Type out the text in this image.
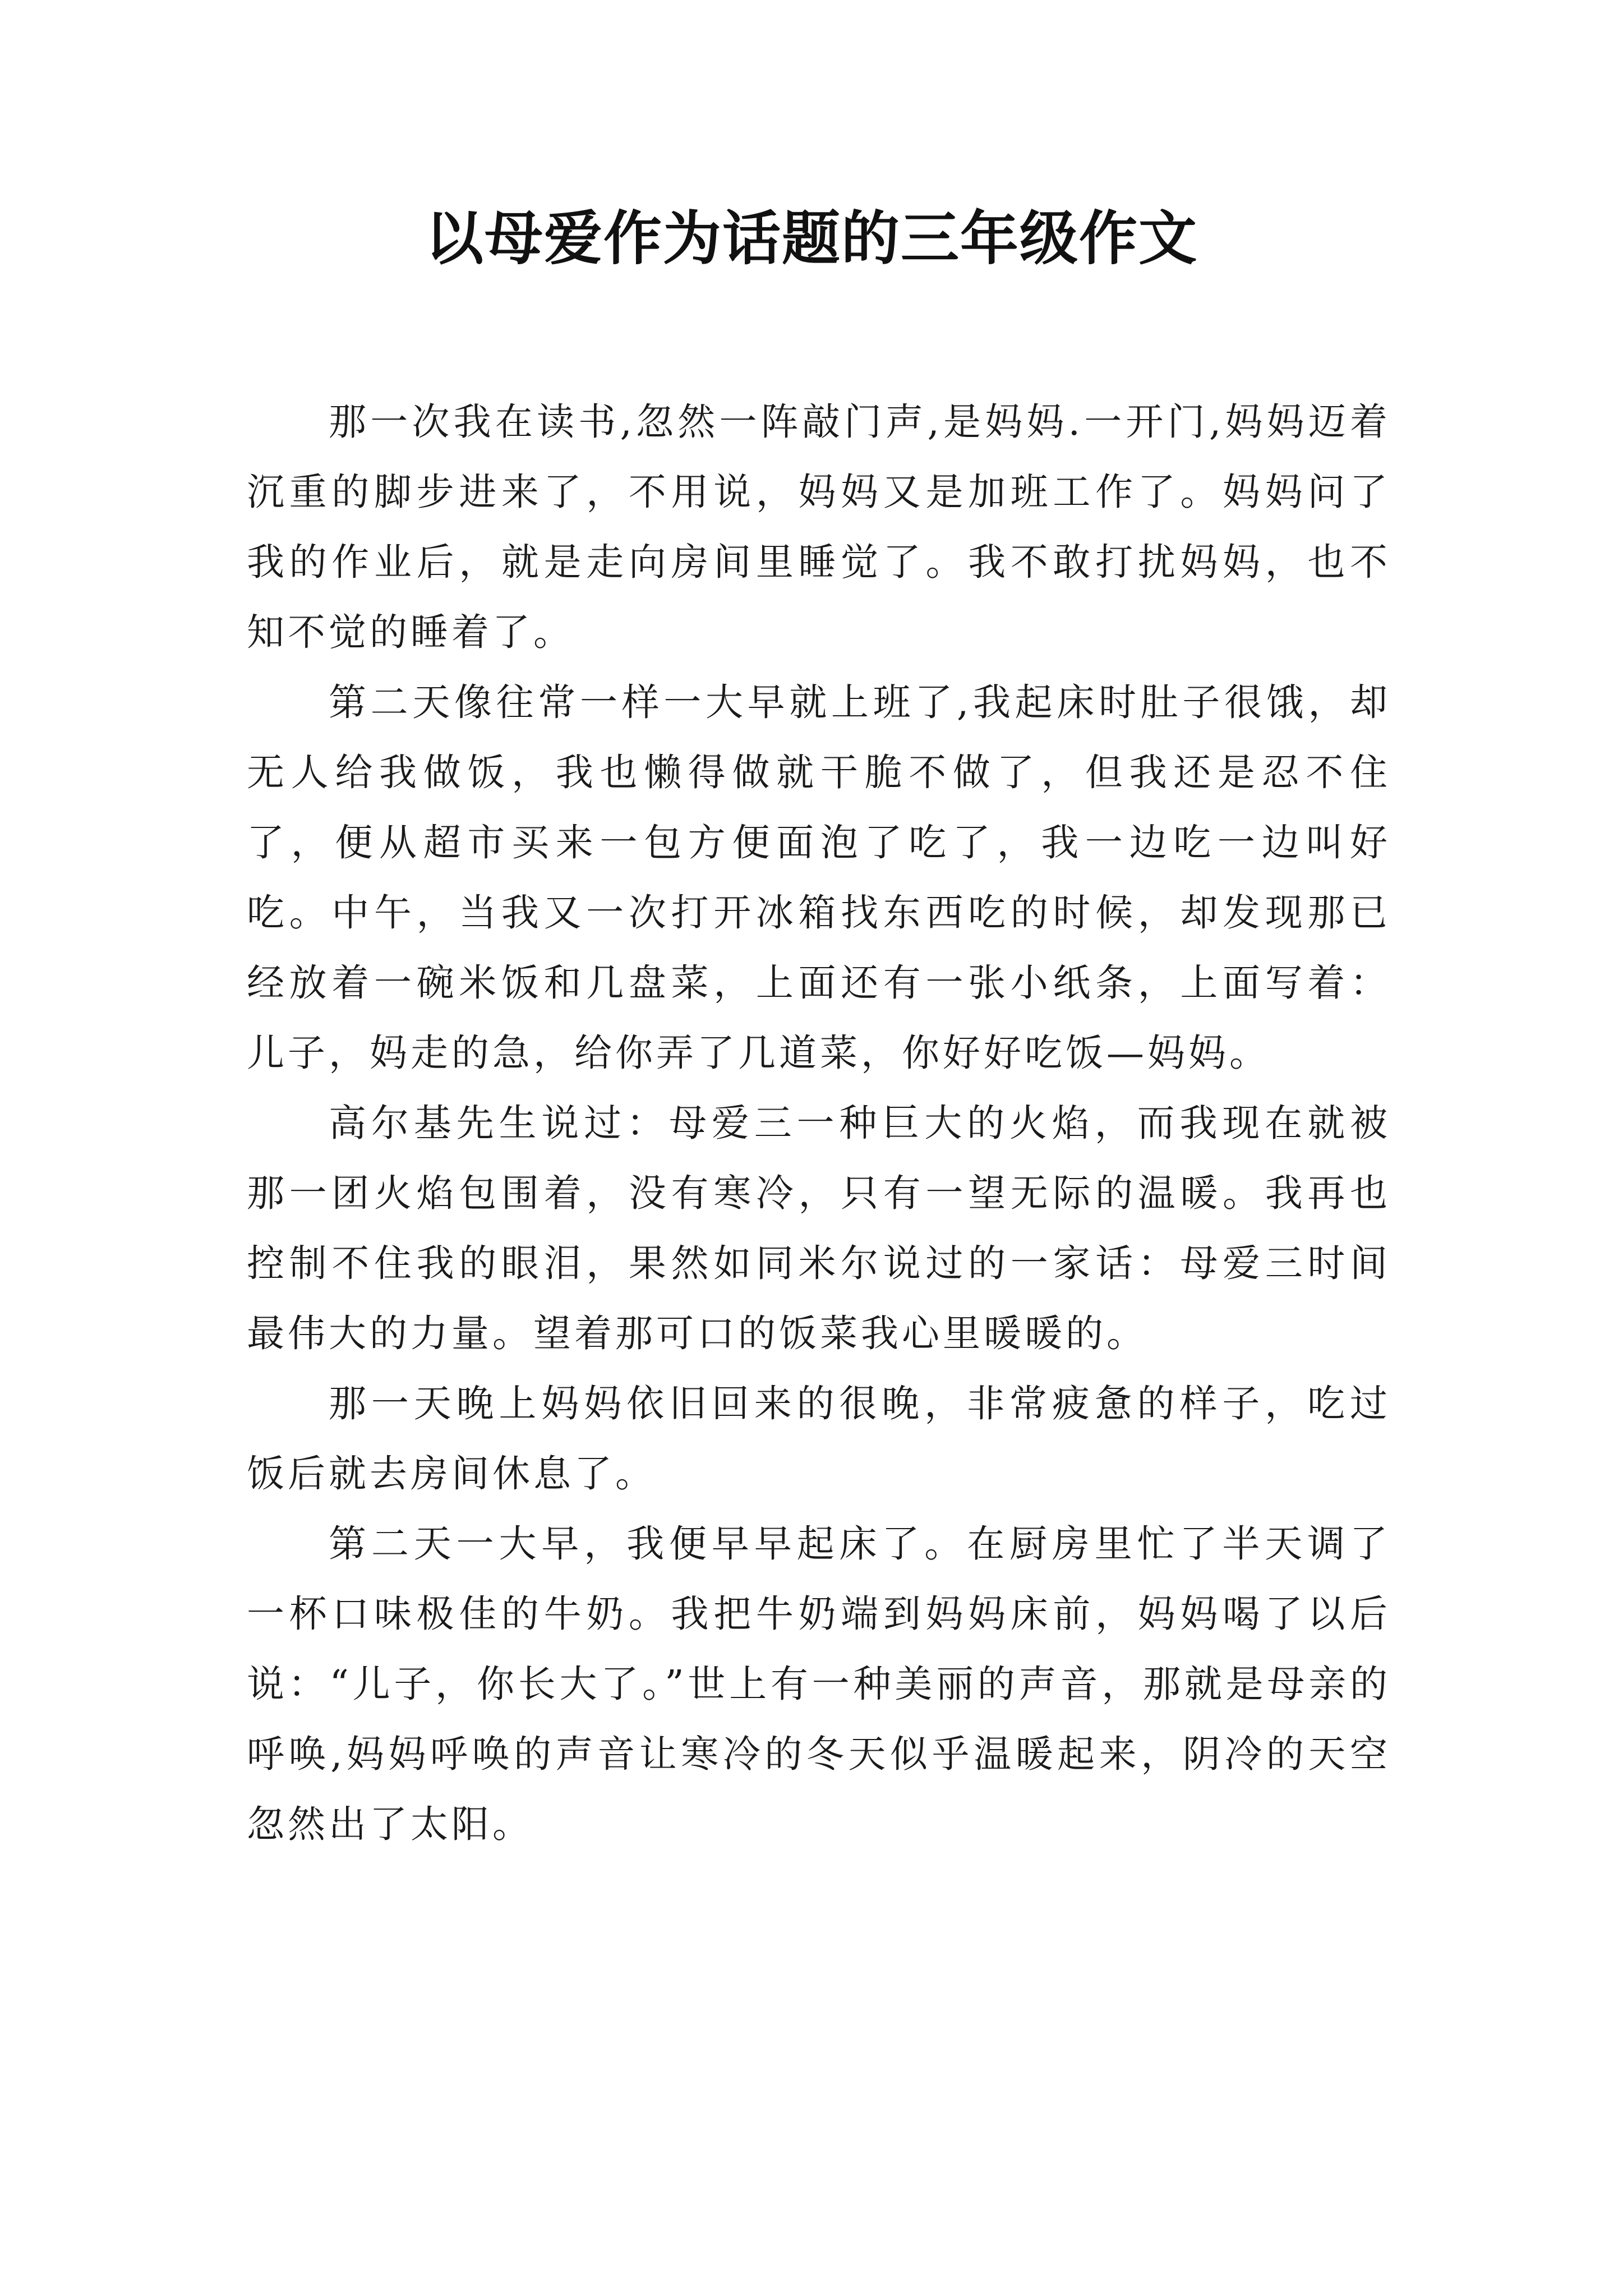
以母爱作为话题的三年级作文

那一次我在读书,忽然一阵敲门声,是妈妈.一开门,妈妈迈着沉重的脚步进来了，不用说，妈妈又是加班工作了。妈妈问了我的作业后，就是走向房间里睡觉了。我不敢打扰妈妈，也不知不觉的睡着了。

第二天像往常一样一大早就上班了,我起床时肚子很饿，却无人给我做饭，我也懒得做就干脆不做了，但我还是忍不住了，便从超市买来一包方便面泡了吃了，我一边吃一边叫好吃。中午，当我又一次打开冰箱找东西吃的时候，却发现那已经放着一碗米饭和几盘菜，上面还有一张小纸条，上面写着：儿子，妈走的急，给你弄了几道菜，你好好吃饭—妈妈。

高尔基先生说过：母爱三一种巨大的火焰，而我现在就被那一团火焰包围着，没有寒冷，只有一望无际的温暖。我再也控制不住我的眼泪，果然如同米尔说过的一家话：母爱三时间最伟大的力量。望着那可口的饭菜我心里暖暖的。

那一天晚上妈妈依旧回来的很晚，非常疲惫的样子，吃过饭后就去房间休息了。

第二天一大早，我便早早起床了。在厨房里忙了半天调了一杯口味极佳的牛奶。我把牛奶端到妈妈床前，妈妈喝了以后说：“儿子，你长大了。”世上有一种美丽的声音，那就是母亲的呼唤,妈妈呼唤的声音让寒冷的冬天似乎温暖起来，阴冷的天空忽然出了太阳。
